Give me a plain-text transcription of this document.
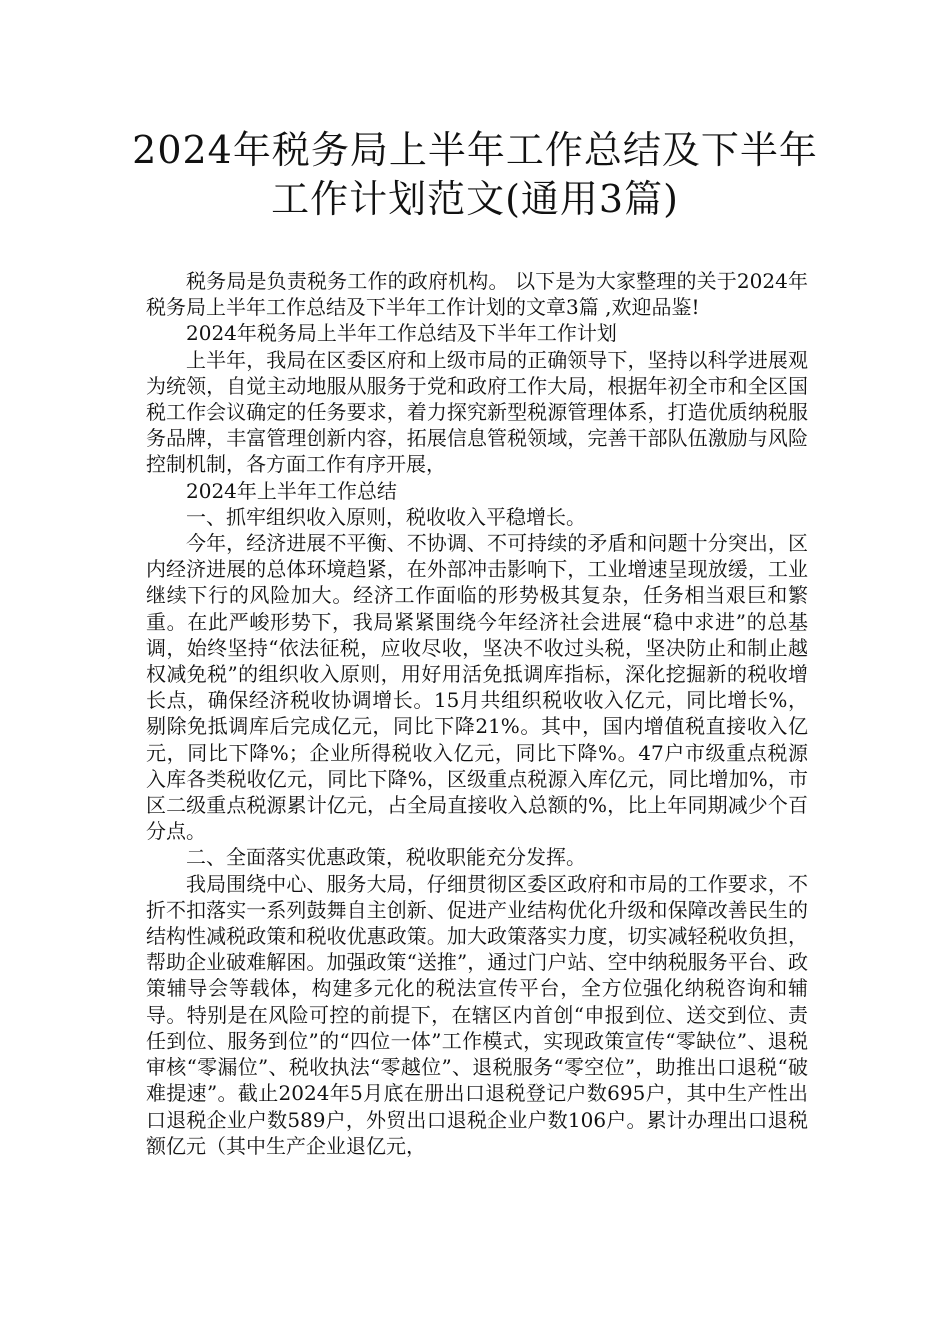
2024年税务局上半年工作总结及下半年工作计划范文(通用3篇)

税务局是负责税务工作的政府机构。 以下是为大家整理的关于2024年税务局上半年工作总结及下半年工作计划的文章3篇 ,欢迎品鉴!

2024年税务局上半年工作总结及下半年工作计划

上半年，我局在区委区府和上级市局的正确领导下，坚持以科学进展观为统领，自觉主动地服从服务于党和政府工作大局，根据年初全市和全区国税工作会议确定的任务要求，着力探究新型税源管理体系，打造优质纳税服务品牌，丰富管理创新内容，拓展信息管税领域，完善干部队伍激励与风险控制机制，各方面工作有序开展，

2024年上半年工作总结

一、抓牢组织收入原则，税收收入平稳增长。

今年，经济进展不平衡、不协调、不可持续的矛盾和问题十分突出，区内经济进展的总体环境趋紧，在外部冲击影响下，工业增速呈现放缓，工业继续下行的风险加大。经济工作面临的形势极其复杂，任务相当艰巨和繁重。在此严峻形势下，我局紧紧围绕今年经济社会进展“稳中求进”的总基调，始终坚持“依法征税，应收尽收，坚决不收过头税，坚决防止和制止越权减免税”的组织收入原则，用好用活免抵调库指标，深化挖掘新的税收增长点，确保经济税收协调增长。15月共组织税收收入亿元，同比增长%，剔除免抵调库后完成亿元，同比下降21%。其中，国内增值税直接收入亿元，同比下降%；企业所得税收入亿元，同比下降%。47户市级重点税源入库各类税收亿元，同比下降%，区级重点税源入库亿元，同比增加%，市区二级重点税源累计亿元，占全局直接收入总额的%，比上年同期减少个百分点。

二、全面落实优惠政策，税收职能充分发挥。

我局围绕中心、服务大局，仔细贯彻区委区政府和市局的工作要求，不折不扣落实一系列鼓舞自主创新、促进产业结构优化升级和保障改善民生的结构性减税政策和税收优惠政策。加大政策落实力度，切实减轻税收负担，帮助企业破难解困。加强政策“送推”，通过门户站、空中纳税服务平台、政策辅导会等载体，构建多元化的税法宣传平台，全方位强化纳税咨询和辅导。特别是在风险可控的前提下，在辖区内首创“申报到位、送交到位、责任到位、服务到位”的“四位一体”工作模式，实现政策宣传“零缺位”、退税审核“零漏位”、税收执法“零越位”、退税服务“零空位”，助推出口退税“破难提速”。截止2024年5月底在册出口退税登记户数695户，其中生产性出口退税企业户数589户，外贸出口退税企业户数106户。累计办理出口退税额亿元（其中生产企业退亿元，
